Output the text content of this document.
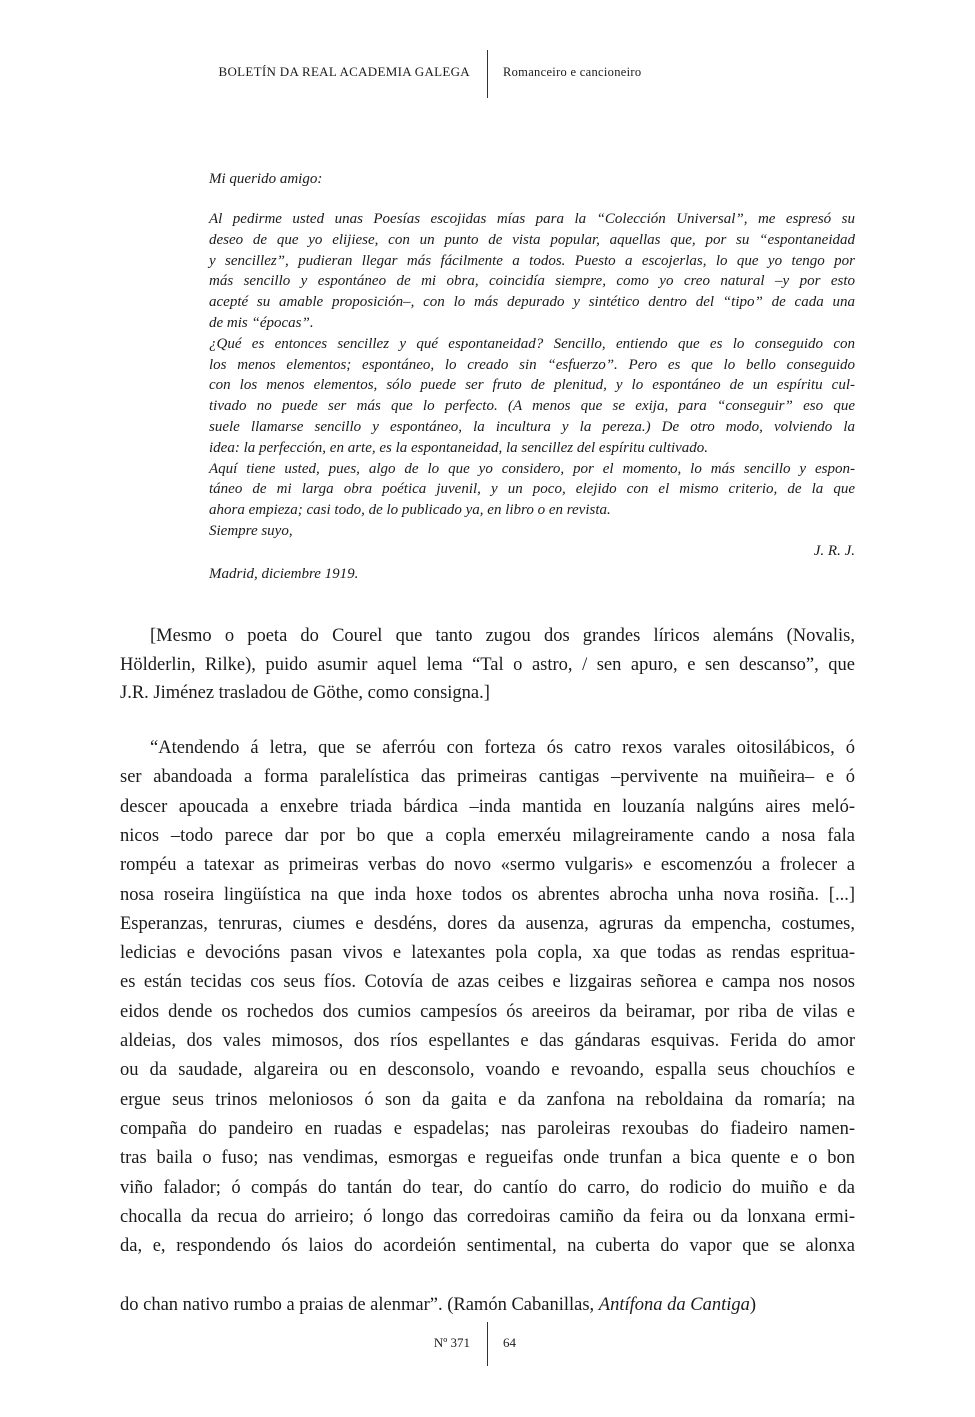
BOLETÍN DA REAL ACADEMIA GALEGA	Romanceiro e cancioneiro
Mi querido amigo:
Al pedirme usted unas Poesías escojidas mías para la “Colección Universal”, me espresó su
deseo de que yo elijiese, con un punto de vista popular, aquellas que, por su “espontaneidad
y sencillez”, pudieran llegar más fácilmente a todos. Puesto a escojerlas, lo que yo tengo por
más sencillo y espontáneo de mi obra, coincidía siempre, como yo creo natural –y por esto
acepté su amable proposición–, con lo más depurado y sintético dentro del “tipo” de cada una
de mis “épocas”.
¿Qué es entonces sencillez y qué espontaneidad? Sencillo, entiendo que es lo conseguido con
los menos elementos; espontáneo, lo creado sin “esfuerzo”. Pero es que lo bello conseguido
con los menos elementos, sólo puede ser fruto de plenitud, y lo espontáneo de un espíritu cul-
tivado no puede ser más que lo perfecto. (A menos que se exija, para “conseguir” eso que
suele llamarse sencillo y espontáneo, la incultura y la pereza.) De otro modo, volviendo la
idea: la perfección, en arte, es la espontaneidad, la sencillez del espíritu cultivado.
Aquí tiene usted, pues, algo de lo que yo considero, por el momento, lo más sencillo y espon-
táneo de mi larga obra poética juvenil, y un poco, elejido con el mismo criterio, de la que
ahora empieza; casi todo, de lo publicado ya, en libro o en revista.
Siempre suyo,
J. R. J.
Madrid, diciembre 1919.
[Mesmo o poeta do Courel que tanto zugou dos grandes líricos alemáns (Novalis,
Hölderlin, Rilke), puido asumir aquel lema “Tal o astro, / sen apuro, e sen descanso”, que
J.R. Jiménez trasladou de Göthe, como consigna.]
“Atendendo á letra, que se aferróu con forteza ós catro rexos varales oitosilábicos, ó
ser abandoada a forma paralelística das primeiras cantigas –pervivente na muiñeira– e ó
descer apoucada a enxebre triada bárdica –inda mantida en louzanía nalgúns aires meló-
nicos –todo parece dar por bo que a copla emerxéu milagreiramente cando a nosa fala
rompéu a tatexar as primeiras verbas do novo «sermo vulgaris» e escomenzóu a frolecer a
nosa roseira lingüística na que inda hoxe todos os abrentes abrocha unha nova rosiña. [...]
Esperanzas, tenruras, ciumes e desdéns, dores da ausenza, agruras da empencha, costumes,
ledicias e devocións pasan vivos e latexantes pola copla, xa que todas as rendas espritua-
es están tecidas cos seus fíos. Cotovía de azas ceibes e lizgairas señorea e campa nos nosos
eidos dende os rochedos dos cumios campesíos ós areeiros da beiramar, por riba de vilas e
aldeias, dos vales mimosos, dos ríos espellantes e das gándaras esquivas. Ferida do amor
ou da saudade, algareira ou en desconsolo, voando e revoando, espalla seus chouchíos e
ergue seus trinos meloniosos ó son da gaita e da zanfona na reboldaina da romaría; na
compaña do pandeiro en ruadas e espadelas; nas paroleiras rexoubas do fiadeiro namen-
tras baila o fuso; nas vendimas, esmorgas e regueifas onde trunfan a bica quente e o bon
viño falador; ó compás do tantán do tear, do cantío do carro, do rodicio do muiño e da
chocalla da recua do arrieiro; ó longo das corredoiras camiño da feira ou da lonxana ermi-
da, e, respondendo ós laios do acordeión sentimental, na cuberta do vapor que se alonxa
do chan nativo rumbo a praias de alenmar”. (Ramón Cabanillas, Antífona da Cantiga)
Nº 371	64
